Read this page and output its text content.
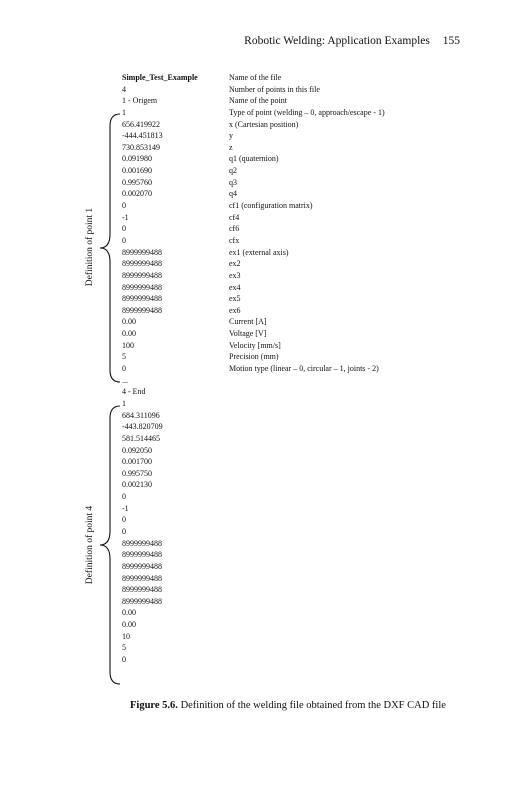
Robotic Welding: Application Examples 155
Simple_Test_Example
4
1 - Origem
1
656.419922
-444.451813
730.853149
0.091980
0.001690
0.995760
0.002070
0
-1
0
0
8999999488
8999999488
8999999488
8999999488
8999999488
8999999488
0.00
0.00
100
5
0
...
4 - End
1
684.311096
-443.820709
581.514465
0.092050
0.001700
0.995750
0.002130
0
-1
0
0
8999999488
8999999488
8999999488
8999999488
8999999488
8999999488
0.00
0.00
10
5
0
Name of the file
Number of points in this file
Name of the point
Type of point (welding – 0, approach/escape - 1)
x (Cartesian position)
y
z
q1 (quaternion)
q2
q3
q4
cf1 (configuration matrix)
cf4
cf6
cfx
ex1 (external axis)
ex2
ex3
ex4
ex5
ex6
Current [A]
Voltage [V]
Velocity [mm/s]
Precision (mm)
Motion type (linear – 0, circular – 1, joints - 2)
Definition of point 1
Definition of point 4
Figure 5.6. Definition of the welding file obtained from the DXF CAD file
